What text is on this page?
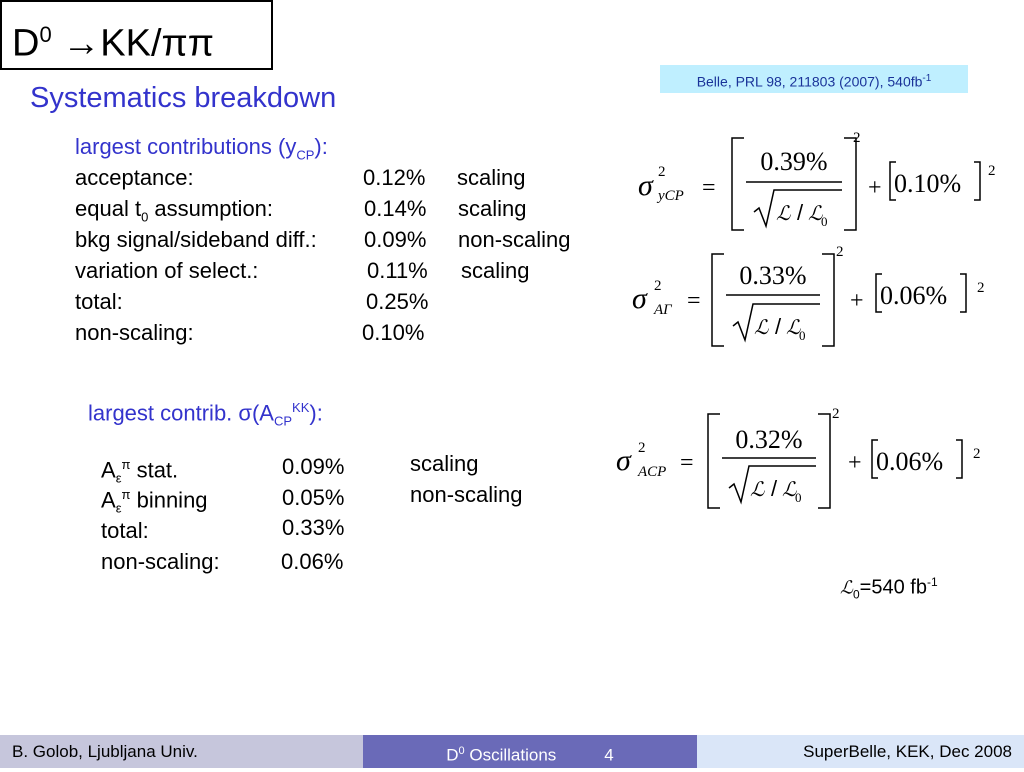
$D^0 \to KK/\pi\pi$
Belle, PRL 98, 211803 (2007), $540fb^{-1}$
Systematics breakdown
largest contributions $(y_{CP})$:
acceptance:	0.12% scaling
equal $t_0$ assumption:	0.14% scaling
bkg signal/sideband diff.: 0.09% non-scaling
variation of select.:	0.11% scaling
total:	0.25%
non-scaling:	0.10%
largest contrib. $\sigma(A_{CP}^{KK})$:
$A_\varepsilon^\pi$ stat.	0.09%	scaling
$A_\varepsilon^\pi$ binning	0.05%	non-scaling
total:	0.33%
non-scaling:	0.06%
σ 2
yCP =
0.39%
ℒ / ℒ
0
2
+ 0.10% 2
σ 2
AΓ =
0.33%
ℒ / ℒ
0
2
+ 0.06% 2
σ 2
ACP =
0.32%
ℒ / ℒ
0
2
+ 0.06% 2
ℒ$_0$=540 $fb^{-1}$
B. Golob, Ljubljana Univ.	$D^0$ Oscillations	4	SuperBelle, KEK, Dec 2008
